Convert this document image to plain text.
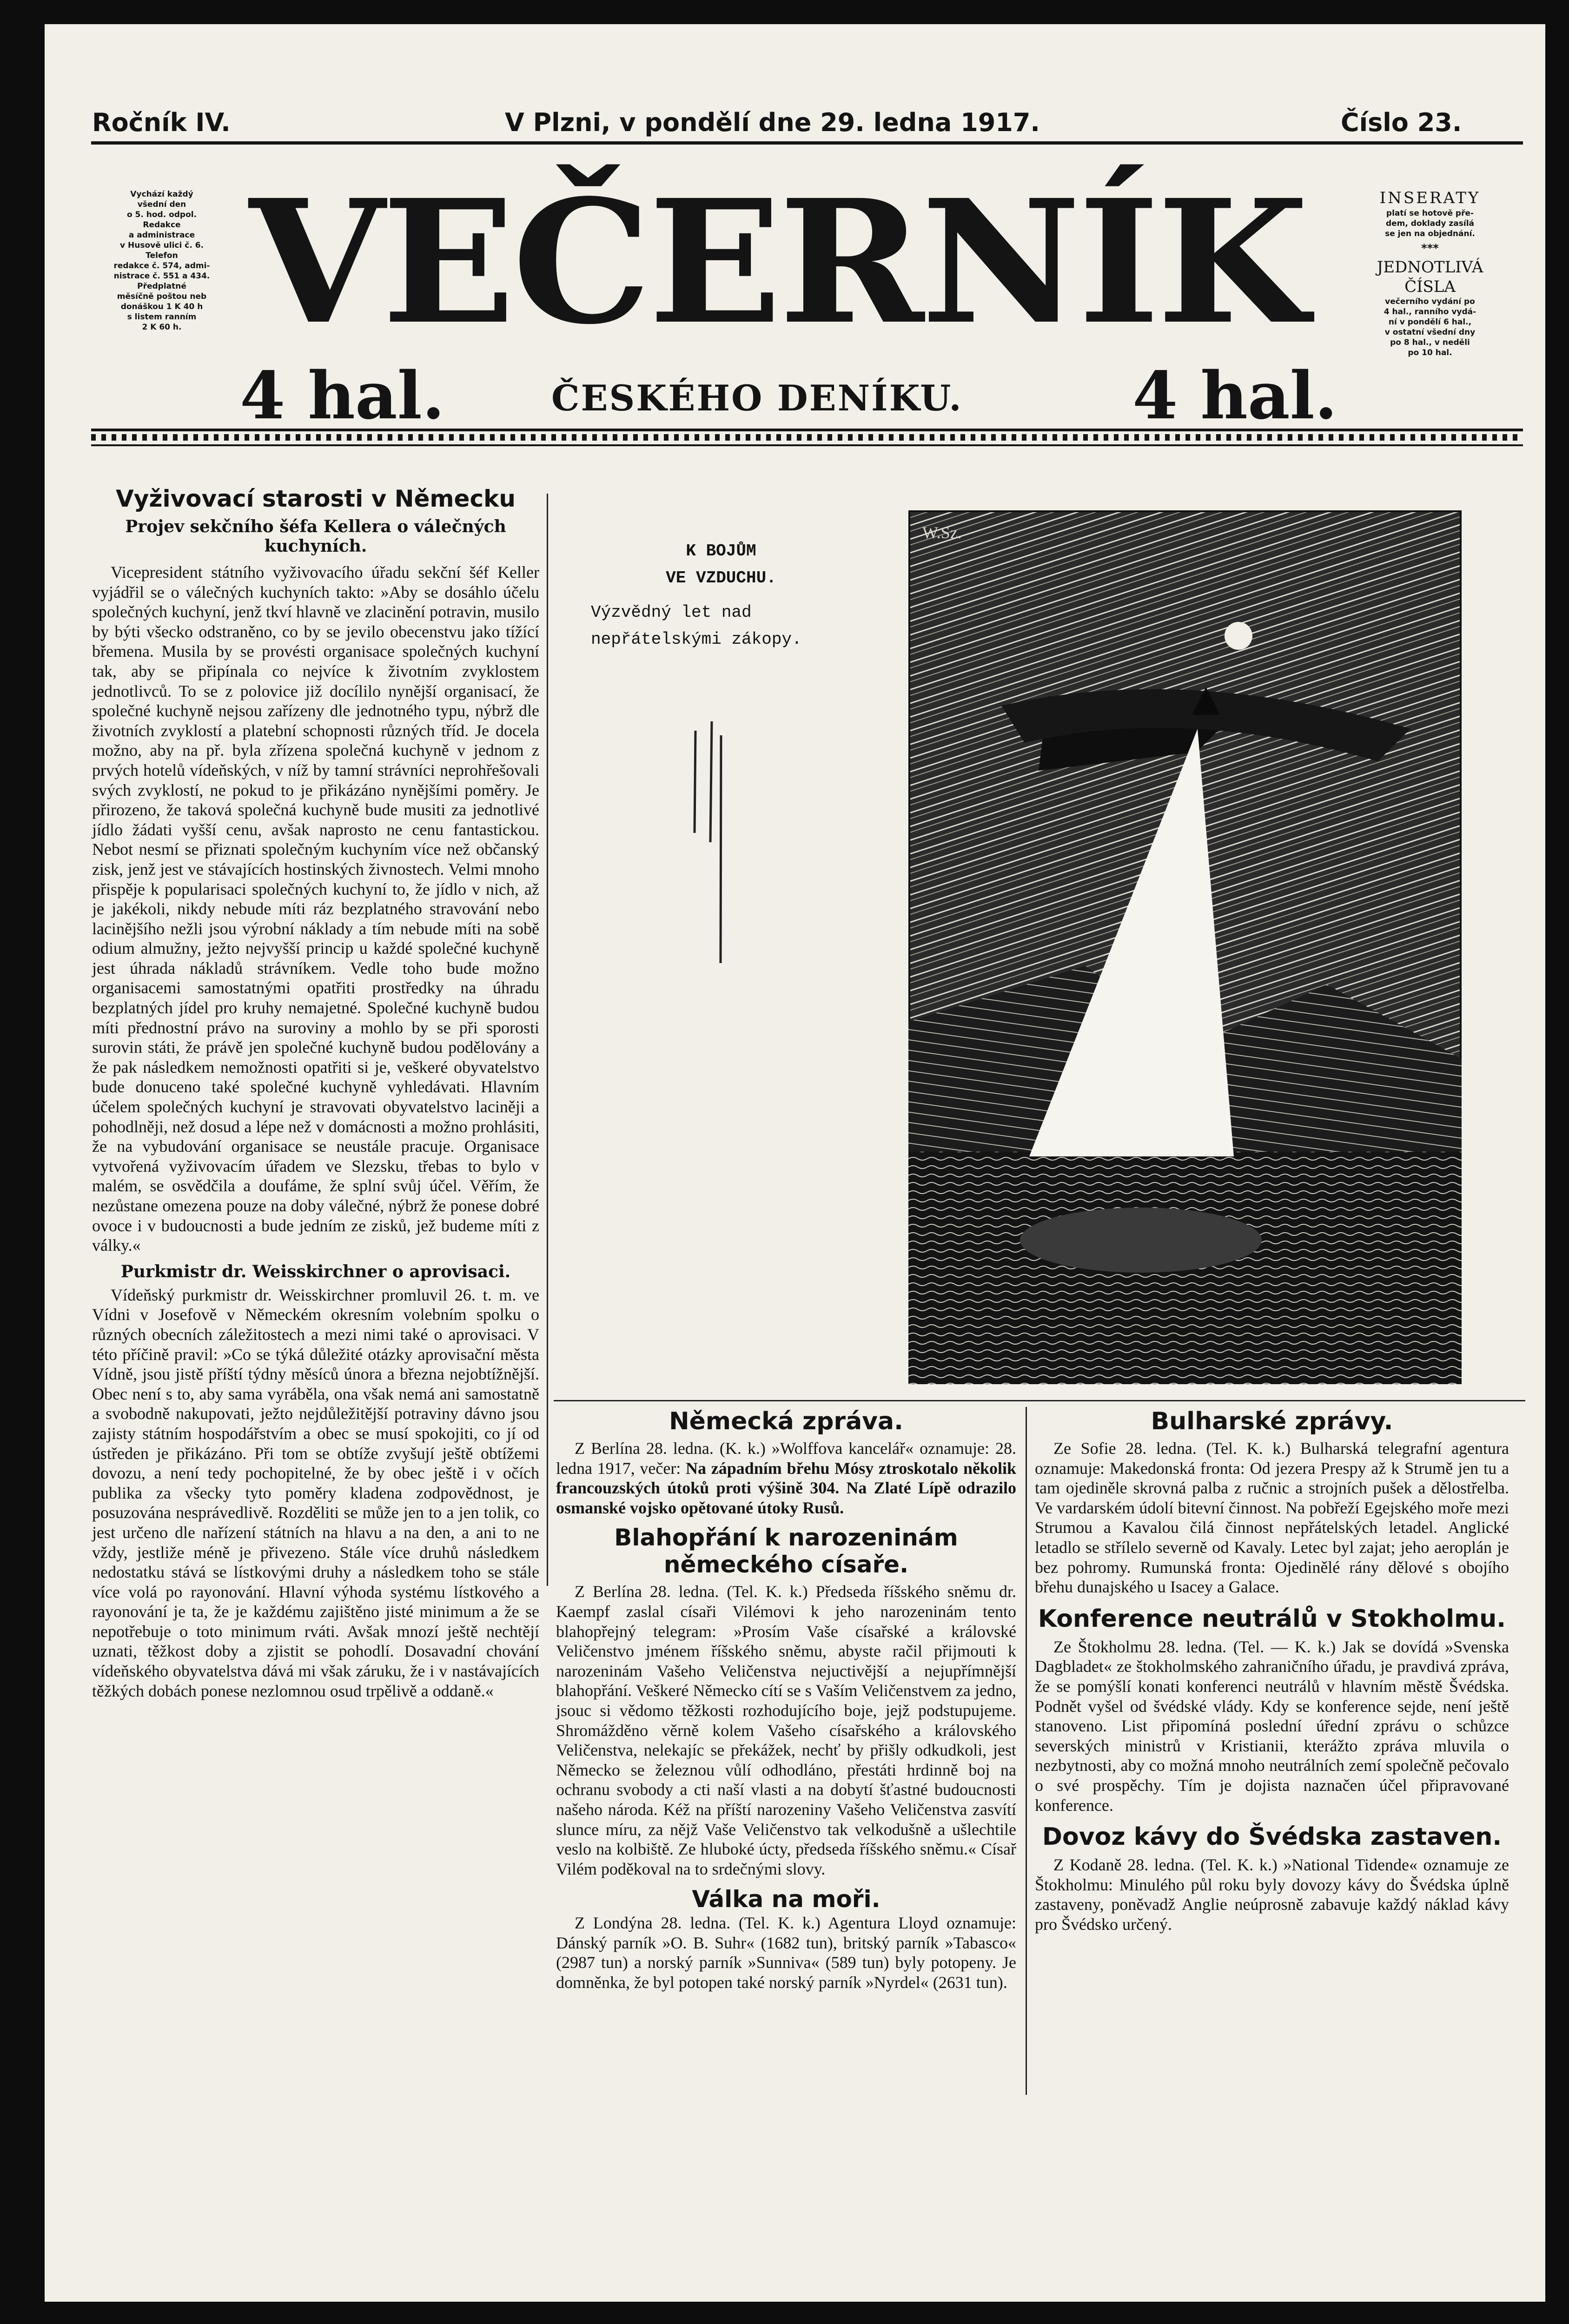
Ročník IV.	V Plzni, v pondělí dne 29. ledna 1917.	Číslo 23.
Vychází každý
všední den
o 5. hod. odpol.
Redakce
a administrace
v Husově ulici č. 6.
Telefon
redakce č. 574, admi-
nistrace č. 551 a 434.
Předplatné
měsíčně poštou neb
donáškou 1 K 40 h
s listem ranním
2 K 60 h. VEČERNÍK
4 hal.	ČESKÉHO DENÍKU.	4 hal.
INSERATY
platí se hotově pře-
dem, doklady zasílá
se jen na objednání.
***
JEDNOTLIVÁ
ČÍSLA
večerního vydání po
4 hal., ranního vydá-
ní v pondělí 6 hal.,
v ostatní všední dny
po 8 hal., v neděli
po 10 hal.
Vyživovací starosti v Německu
Projev sekčního šéfa Kellera o válečných kuchyních.

Vicepresident státního vyživovacího úřadu sekční šéf Keller vyjádřil se o válečných kuchyních takto: »Aby se dosáhlo účelu společných kuchyní, jenž tkví hlavně ve zlacinění potravin, musilo by býti všecko odstraněno, co by se jevilo obecenstvu jako tížící břemena. Musila by se provésti organisace společných kuchyní tak, aby se připínala co nejvíce k životním zvyklostem jednotlivců. To se z polovice již docílilo nynější organisací, že společné kuchyně nejsou zařízeny dle jednotného typu, nýbrž dle životních zvyklostí a platební schopnosti různých tříd. Je docela možno, aby na př. byla zřízena společná kuchyně v jednom z prvých hotelů vídeňských, v níž by tamní strávníci neprohřešovali svých zvyklostí, ne pokud to je přikázáno nynějšími poměry. Je přirozeno, že taková společná kuchyně bude musiti za jednotlivé jídlo žádati vyšší cenu, avšak naprosto ne cenu fantastickou. Nebot nesmí se přiznati společným kuchyním více než občanský zisk, jenž jest ve stávajících hostinských živnostech. Velmi mnoho přispěje k popularisaci společných kuchyní to, že jídlo v nich, až je jakékoli, nikdy nebude míti ráz bezplatného stravování nebo lacinějšího nežli jsou výrobní náklady a tím nebude míti na sobě odium almužny, ježto nejvyšší princip u každé společné kuchyně jest úhrada nákladů strávníkem. Vedle toho bude možno organisacemi samostatnými opatřiti prostředky na úhradu bezplatných jídel pro kruhy nemajetné. Společné kuchyně budou míti přednostní právo na suroviny a mohlo by se při sporosti surovin státi, že právě jen společné kuchyně budou podělovány a že pak následkem nemožnosti opatřiti si je, veškeré obyvatelstvo bude donuceno také společné kuchyně vyhledávati. Hlavním účelem společných kuchyní je stravovati obyvatelstvo laciněji a pohodlněji, než dosud a lépe než v domácnosti a možno prohlásiti, že na vybudování organisace se neustále pracuje. Organisace vytvořená vyživovacím úřadem ve Slezsku, třebas to bylo v malém, se osvědčila a doufáme, že splní svůj účel. Věřím, že nezůstane omezena pouze na doby válečné, nýbrž že ponese dobré ovoce i v budoucnosti a bude jedním ze zisků, jež budeme míti z války.«

Purkmistr dr. Weisskirchner o aprovisaci.

Vídeňský purkmistr dr. Weisskirchner promluvil 26. t. m. ve Vídni v Josefově v Německém okresním volebním spolku o různých obecních záležitostech a mezi nimi také o aprovisaci. V této příčině pravil: »Co se týká důležité otázky aprovisační města Vídně, jsou jistě příští týdny měsíců února a března nejobtížnější. Obec není s to, aby sama vyráběla, ona však nemá ani samostatně a svobodně nakupovati, ježto nejdůležitější potraviny dávno jsou zajisty státním hospodářstvím a obec se musí spokojiti, co jí od ústředen je přikázáno. Při tom se obtíže zvyšují ještě obtížemi dovozu, a není tedy pochopitelné, že by obec ještě i v očích publika za všecky tyto poměry kladena zodpovědnost, je posuzována nesprávedlivě. Rozděliti se může jen to a jen tolik, co jest určeno dle nařízení státních na hlavu a na den, a ani to ne vždy, jestliže méně je přivezeno. Stále více druhů následkem nedostatku stává se lístkovými druhy a následkem toho se stále více volá po rayonování. Hlavní výhoda systému lístkového a rayonování je ta, že je každému zajištěno jisté minimum a že se nepotřebuje o toto minimum rváti. Avšak mnozí ještě nechtějí uznati, těžkost doby a zjistit se pohodlí. Dosavadní chování vídeňského obyvatelstva dává mi však záruku, že i v nastávajících těžkých dobách ponese nezlomnou osud trpělivě a oddaně.«

K BOJŮM
VE VZDUCHU.
Výzvědný let nad nepřátelskými zákopy.
W.Sz.
Německá zpráva.

Z Berlína 28. ledna. (K. k.) »Wolffova kancelář« oznamuje: 28. ledna 1917, večer: Na západním břehu Mósy ztroskotalo několik francouzských útoků proti výšině 304. Na Zlaté Lípě odrazilo osmanské vojsko opětované útoky Rusů.

Blahopřání k narozeninám německého císaře.

Z Berlína 28. ledna. (Tel. K. k.) Předseda říšského sněmu dr. Kaempf zaslal císaři Vilémovi k jeho narozeninám tento blahopřejný telegram: »Prosím Vaše císařské a královské Veličenstvo jménem říšského sněmu, abyste račil přijmouti k narozeninám Vašeho Veličenstva nejuctivější a nejupřímnější blahopřání. Veškeré Německo cítí se s Vaším Veličenstvem za jedno, jsouc si vědomo těžkosti rozhodujícího boje, jejž podstupujeme. Shromážděno věrně kolem Vašeho císařského a královského Veličenstva, nelekajíc se překážek, nechť by přišly odkudkoli, jest Německo se železnou vůlí odhodláno, přestáti hrdinně boj na ochranu svobody a cti naší vlasti a na dobytí šťastné budoucnosti našeho národa. Kéž na příští narozeniny Vašeho Veličenstva zasvítí slunce míru, za nějž Vaše Veličenstvo tak velkodušně a ušlechtile veslo na kolbiště. Ze hluboké úcty, předseda říšského sněmu.« Císař Vilém poděkoval na to srdečnými slovy.

Válka na moři.

Z Londýna 28. ledna. (Tel. K. k.) Agentura Lloyd oznamuje: Dánský parník »O. B. Suhr« (1682 tun), britský parník »Tabasco« (2987 tun) a norský parník »Sunniva« (589 tun) byly potopeny. Je domněnka, že byl potopen také norský parník »Nyrdel« (2631 tun).

Bulharské zprávy.

Ze Sofie 28. ledna. (Tel. K. k.) Bulharská telegrafní agentura oznamuje: Makedonská fronta: Od jezera Prespy až k Strumě jen tu a tam ojediněle skrovná palba z ručnic a strojních pušek a dělostřelba. Ve vardarském údolí bitevní činnost. Na pobřeží Egejského moře mezi Strumou a Kavalou čilá činnost nepřátelských letadel. Anglické letadlo se střílelo severně od Kavaly. Letec byl zajat; jeho aeroplán je bez pohromy. Rumunská fronta: Ojedinělé rány dělové s obojího břehu dunajského u Isacey a Galace.

Konference neutrálů v Stokholmu.

Ze Štokholmu 28. ledna. (Tel. — K. k.) Jak se dovídá »Svenska Dagbladet« ze štokholmského zahraničního úřadu, je pravdivá zpráva, že se pomýšlí konati konferenci neutrálů v hlavním městě Švédska. Podnět vyšel od švédské vlády. Kdy se konference sejde, není ještě stanoveno. List připomíná poslední úřední zprávu o schůzce severských ministrů v Kristianii, kterážto zpráva mluvila o nezbytnosti, aby co možná mnoho neutrálních zemí společně pečovalo o své prospěchy. Tím je dojista naznačen účel připravované konference.

Dovoz kávy do Švédska zastaven.

Z Kodaně 28. ledna. (Tel. K. k.) »National Tidende« oznamuje ze Štokholmu: Minulého půl roku byly dovozy kávy do Švédska úplně zastaveny, poněvadž Anglie neúprosně zabavuje každý náklad kávy pro Švédsko určený.
